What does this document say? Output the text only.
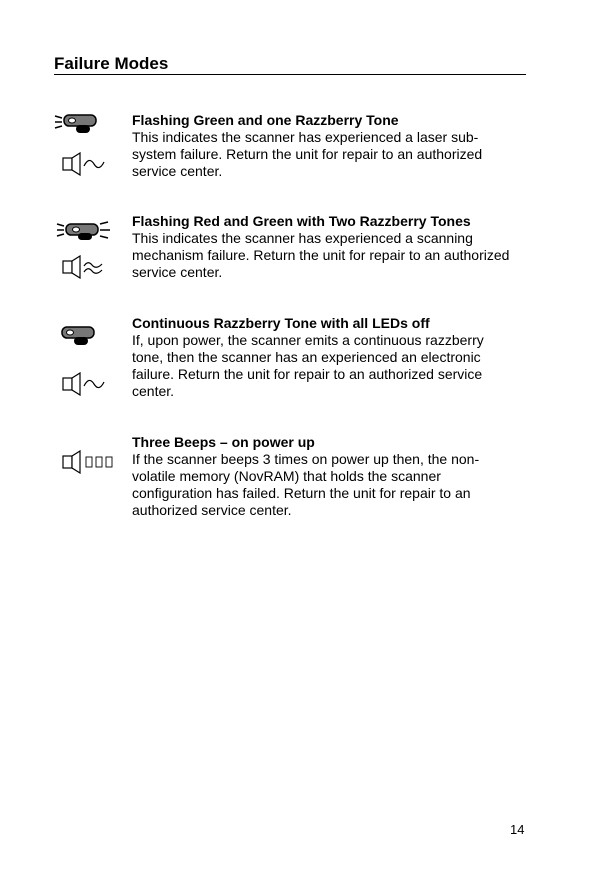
Failure Modes
Flashing Green and one Razzberry Tone
This indicates the scanner has experienced a laser sub-system failure. Return the unit for repair to an authorized service center.
Flashing Red and Green with Two Razzberry Tones
This indicates the scanner has experienced a scanning mechanism failure. Return the unit for repair to an authorized service center.
Continuous Razzberry Tone with all LEDs off
If, upon power, the scanner emits a continuous razzberry tone, then the scanner has an experienced an electronic failure. Return the unit for repair to an authorized service center.
Three Beeps – on power up
If the scanner beeps 3 times on power up then, the non-volatile memory (NovRAM) that holds the scanner configuration has failed. Return the unit for repair to an authorized service center.
14
